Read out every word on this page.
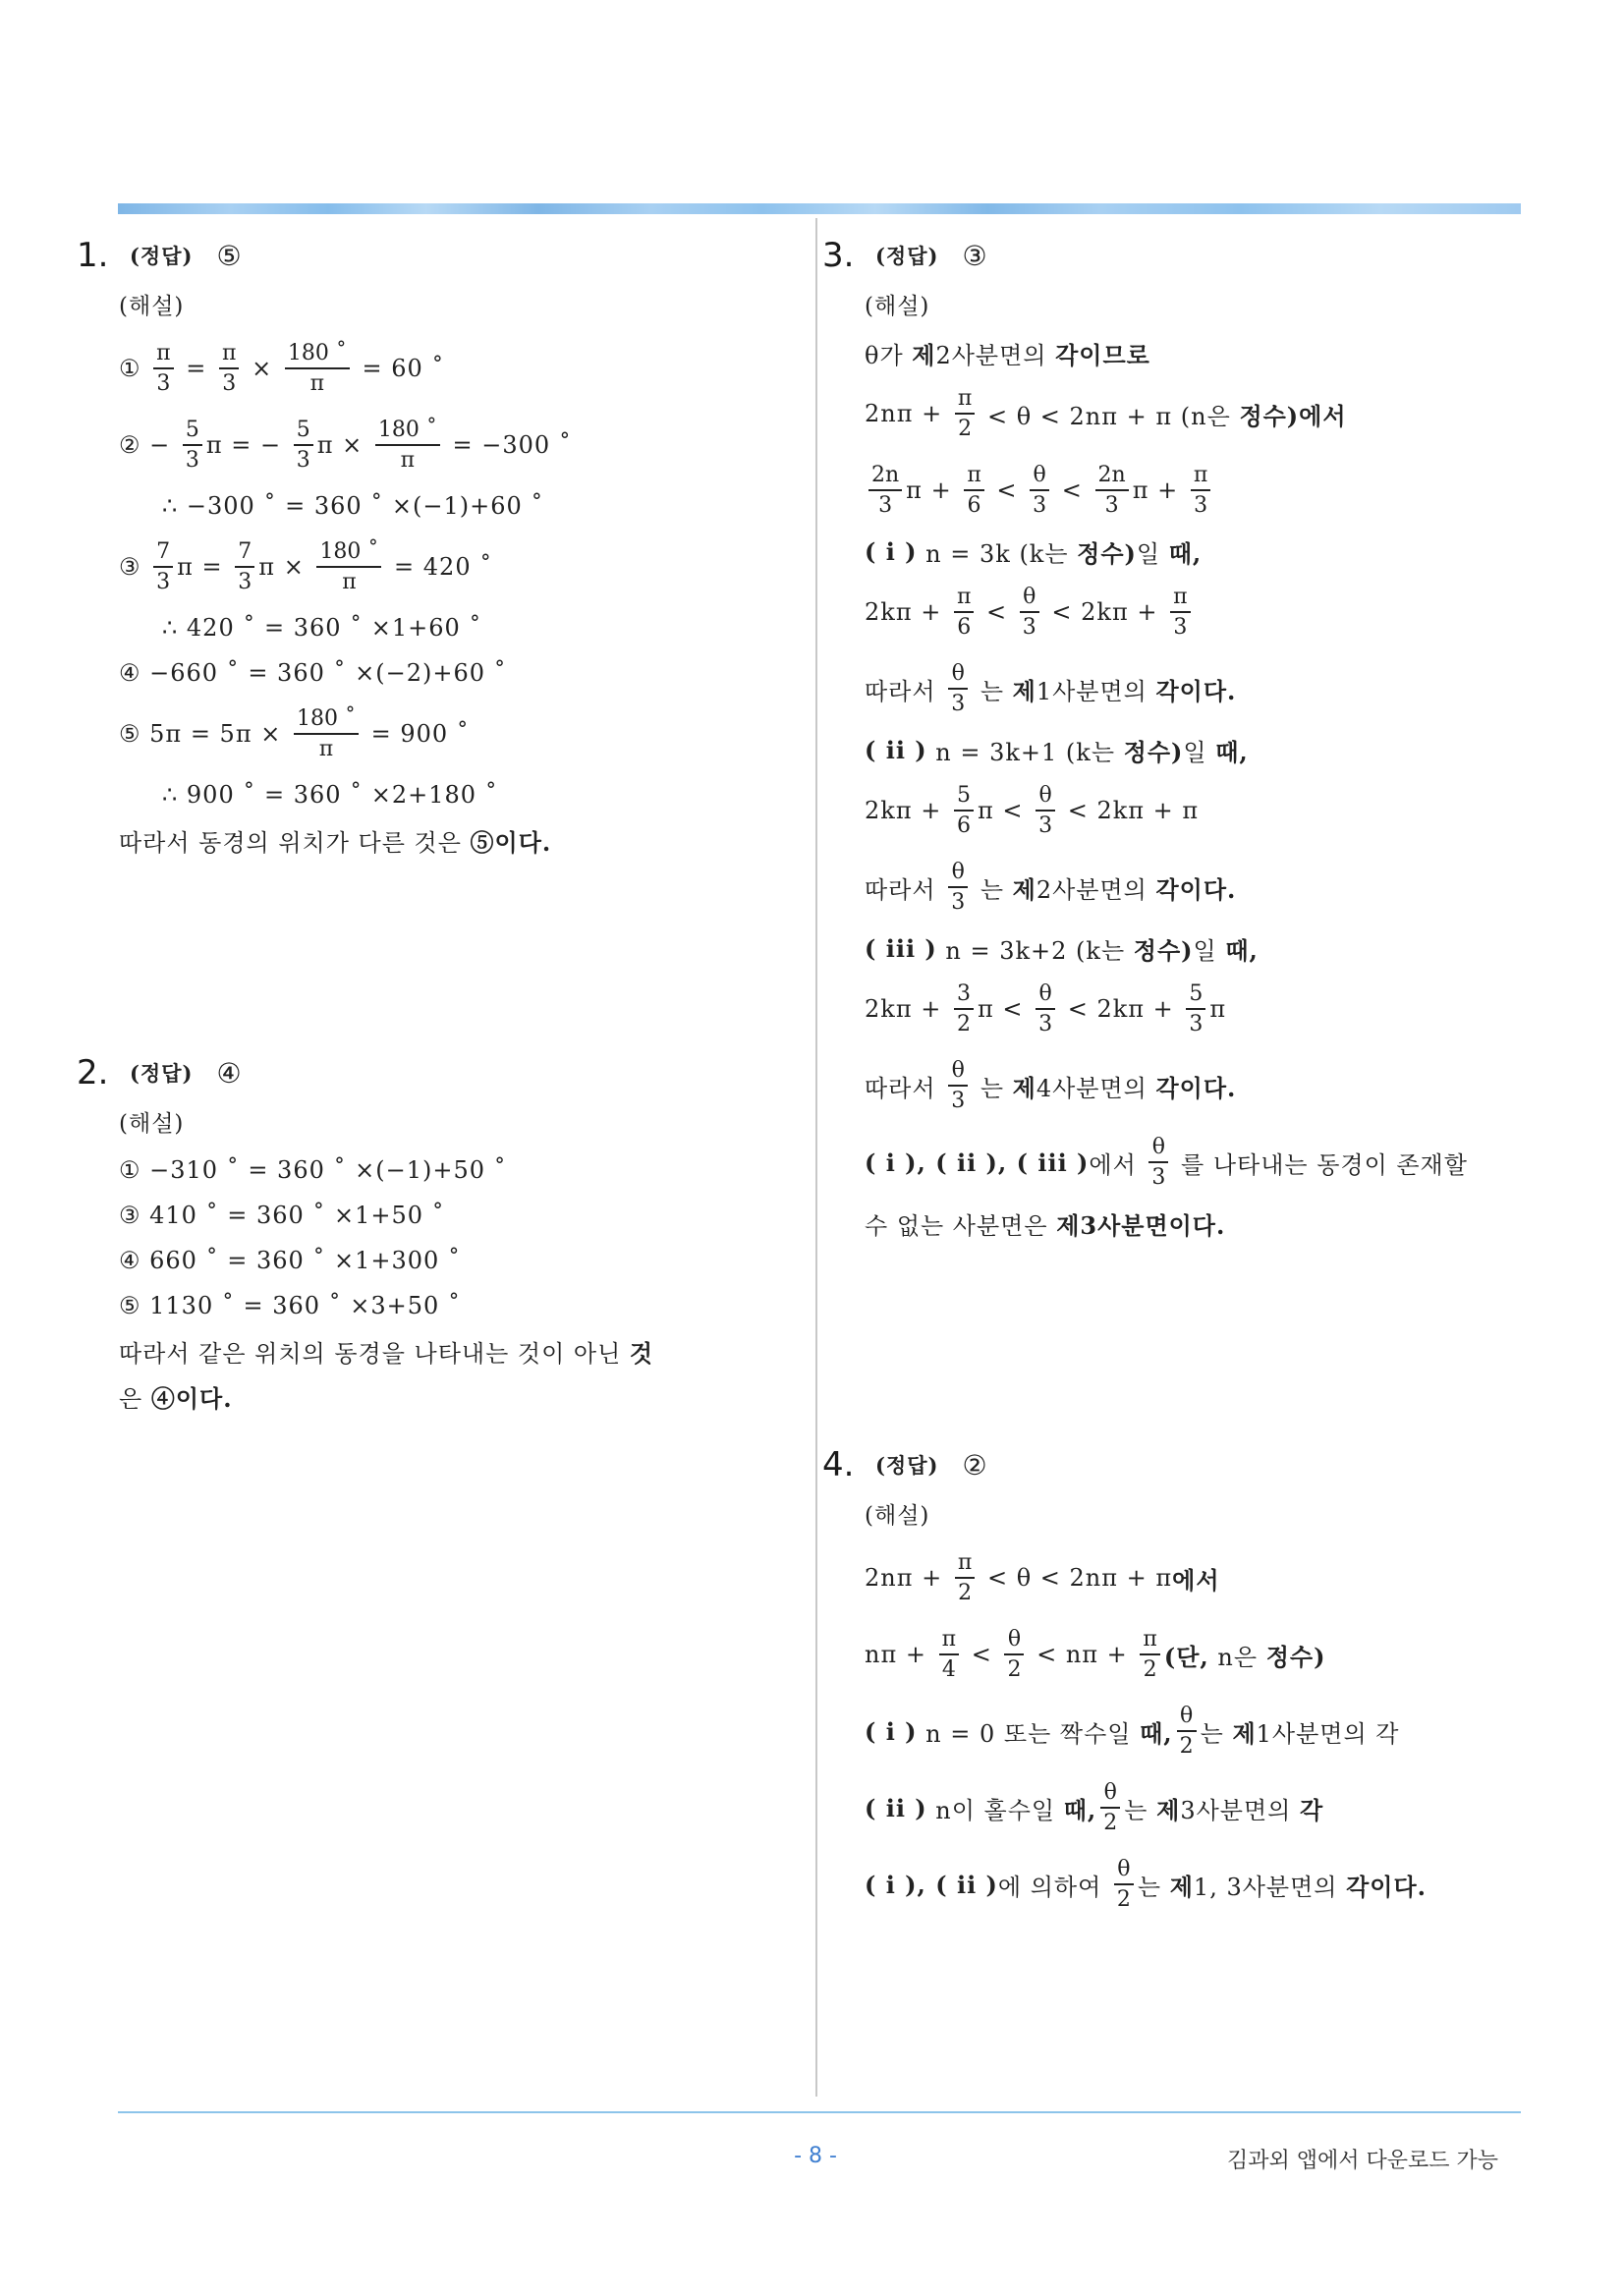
1.	(정답) ⑤
(해설)
① $\frac{\pi}{3} = \frac{\pi}{3} \times \frac{180 ˚}{\pi} = 60$ ˚
② − $\frac{5}{3}$ π = − $\frac{5}{3}$ $\pi \times \frac{180 ˚}{\pi} = -300$ ˚
∴ −300 ˚ = 360 ˚ ×(−1)+60 ˚
③ $\frac{7}{3}$ $\pi = \frac{7}{3}$ $\pi \times \frac{180 ˚}{\pi} = 420$ ˚
∴ 420 ˚ = 360 ˚ ×1+60 ˚
④ −660 ˚ = 360 ˚ ×(−2)+60 ˚
⑤ $5\pi = 5\pi \times \frac{180 ˚}{\pi} = 900$ ˚
∴ 900 ˚ = 360 ˚ ×2+180 ˚
따라서 동경의 위치가 다른 것은 ⑤이다.
2.	(정답) ④
(해설)
① −310 ˚ = 360 ˚ ×(−1)+50 ˚
③ 410 ˚ = 360 ˚ ×1+50 ˚
④ 660 ˚ = 360 ˚ ×1+300 ˚
⑤ 1130 ˚ = 360 ˚ ×3+50 ˚
따라서 같은 위치의 동경을 나타내는 것이 아닌 것
은 ④이다.
3.	(정답) ③
(해설)
θ가 제 2사분면의 각이므로
$2n\pi + \frac{\pi}{2} < \theta < 2n\pi + \pi$ (n은 정수)에서
$\frac{2n}{3}$ $\pi + \frac{\pi}{6} < \frac{\theta}{3} < \frac{2n}{3}$ $\pi + \frac{\pi}{3}$
( i ) n = 3k (k는 정수) 일 때,
$2k\pi + \frac{\pi}{6} < \frac{\theta}{3} < 2k\pi + \frac{\pi}{3}$
따라서 $\frac{\theta}{3}$ 는 제 1사분면의 각이다.
( ii ) n = 3k+1 (k는 정수) 일 때,
$2k\pi + \frac{5}{6}$ $\pi < \frac{\theta}{3} < 2k\pi + \pi$
따라서 $\frac{\theta}{3}$ 는 제 2사분면의 각이다.
( iii ) n = 3k+2 (k는 정수) 일 때,
$2k\pi + \frac{3}{2}$ $\pi < \frac{\theta}{3} < 2k\pi + \frac{5}{3}$ π
따라서 $\frac{\theta}{3}$ 는 제 4사분면의 각이다.
( i ), ( ii ), ( iii ) 에서 $\frac{\theta}{3}$ 를 나타내는 동경이 존재할
수 없는 사분면은 제3사분면이다.
4.	(정답) ②
(해설)
$2n\pi + \frac{\pi}{2} < \theta < 2n\pi + \pi$ 에서
$n\pi + \frac{\pi}{4} < \frac{\theta}{2} < n\pi + \frac{\pi}{2}$ (단, n은 정수)
( i ) n = 0 또는 짝수일 때, $\frac{\theta}{2}$ 는 제 1사분면의 각
( ii ) n이 홀수일 때, $\frac{\theta}{2}$ 는 제 3사분면의 각
( i ), ( ii ) 에 의하여 $\frac{\theta}{2}$ 는 제 1, 3사분면의 각이다.
- 8 -	김과외 앱에서 다운로드 가능
